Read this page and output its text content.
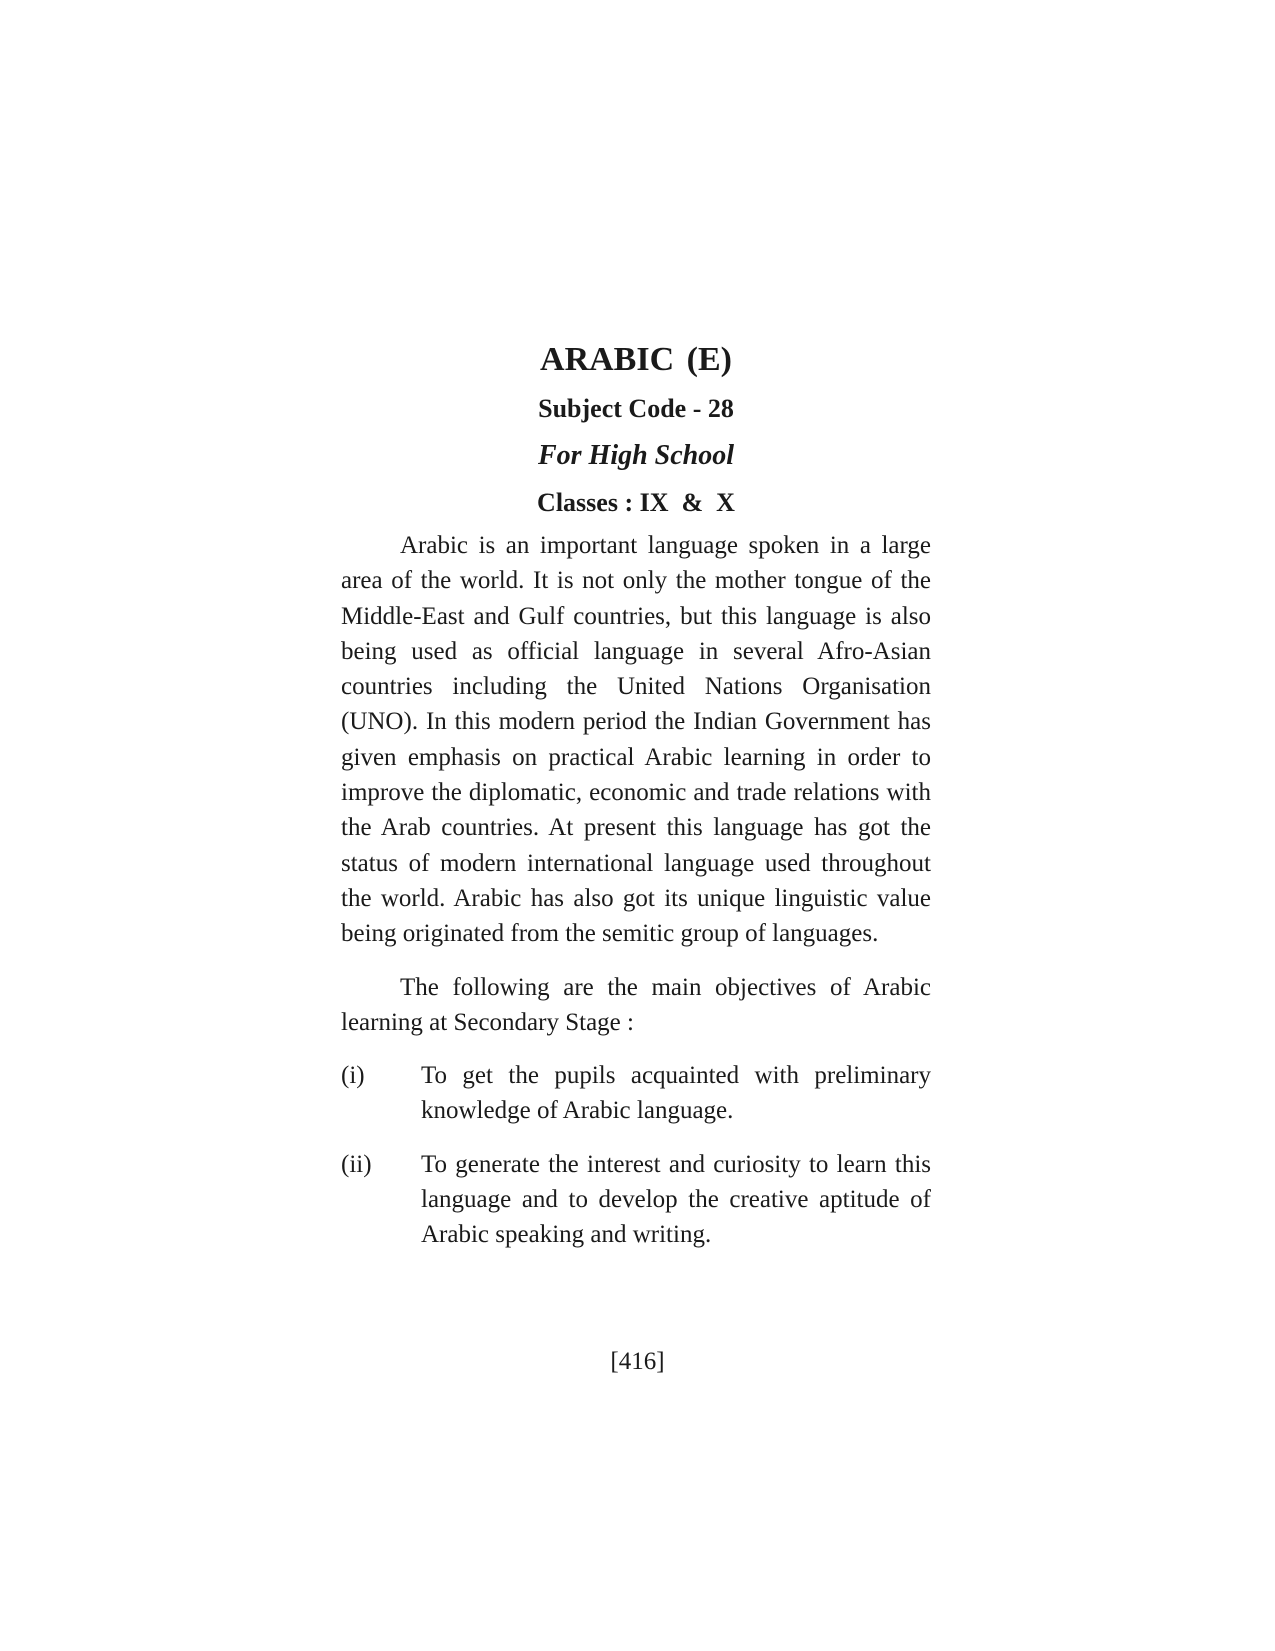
ARABIC (E)
Subject Code - 28
For High School
Classes : IX  &  X

Arabic is an important language spoken in a large area of the world. It is not only the mother tongue of the Middle-East and Gulf countries, but this language is also being used as official language in several Afro-Asian countries including the United Nations Organisation (UNO). In this modern period the Indian Government has given emphasis on practical Arabic learning in order to improve the diplomatic, economic and trade relations with the Arab countries. At present this language has got the status of modern international language used throughout the world. Arabic has also got its unique linguistic value being originated from the semitic group of languages.

The following are the main objectives of Arabic learning at Secondary Stage :

(i) To get the pupils acquainted with preliminary knowledge of Arabic language.
(ii) To generate the interest and curiosity to learn this language and to develop the creative aptitude of Arabic speaking and writing.
[416]
